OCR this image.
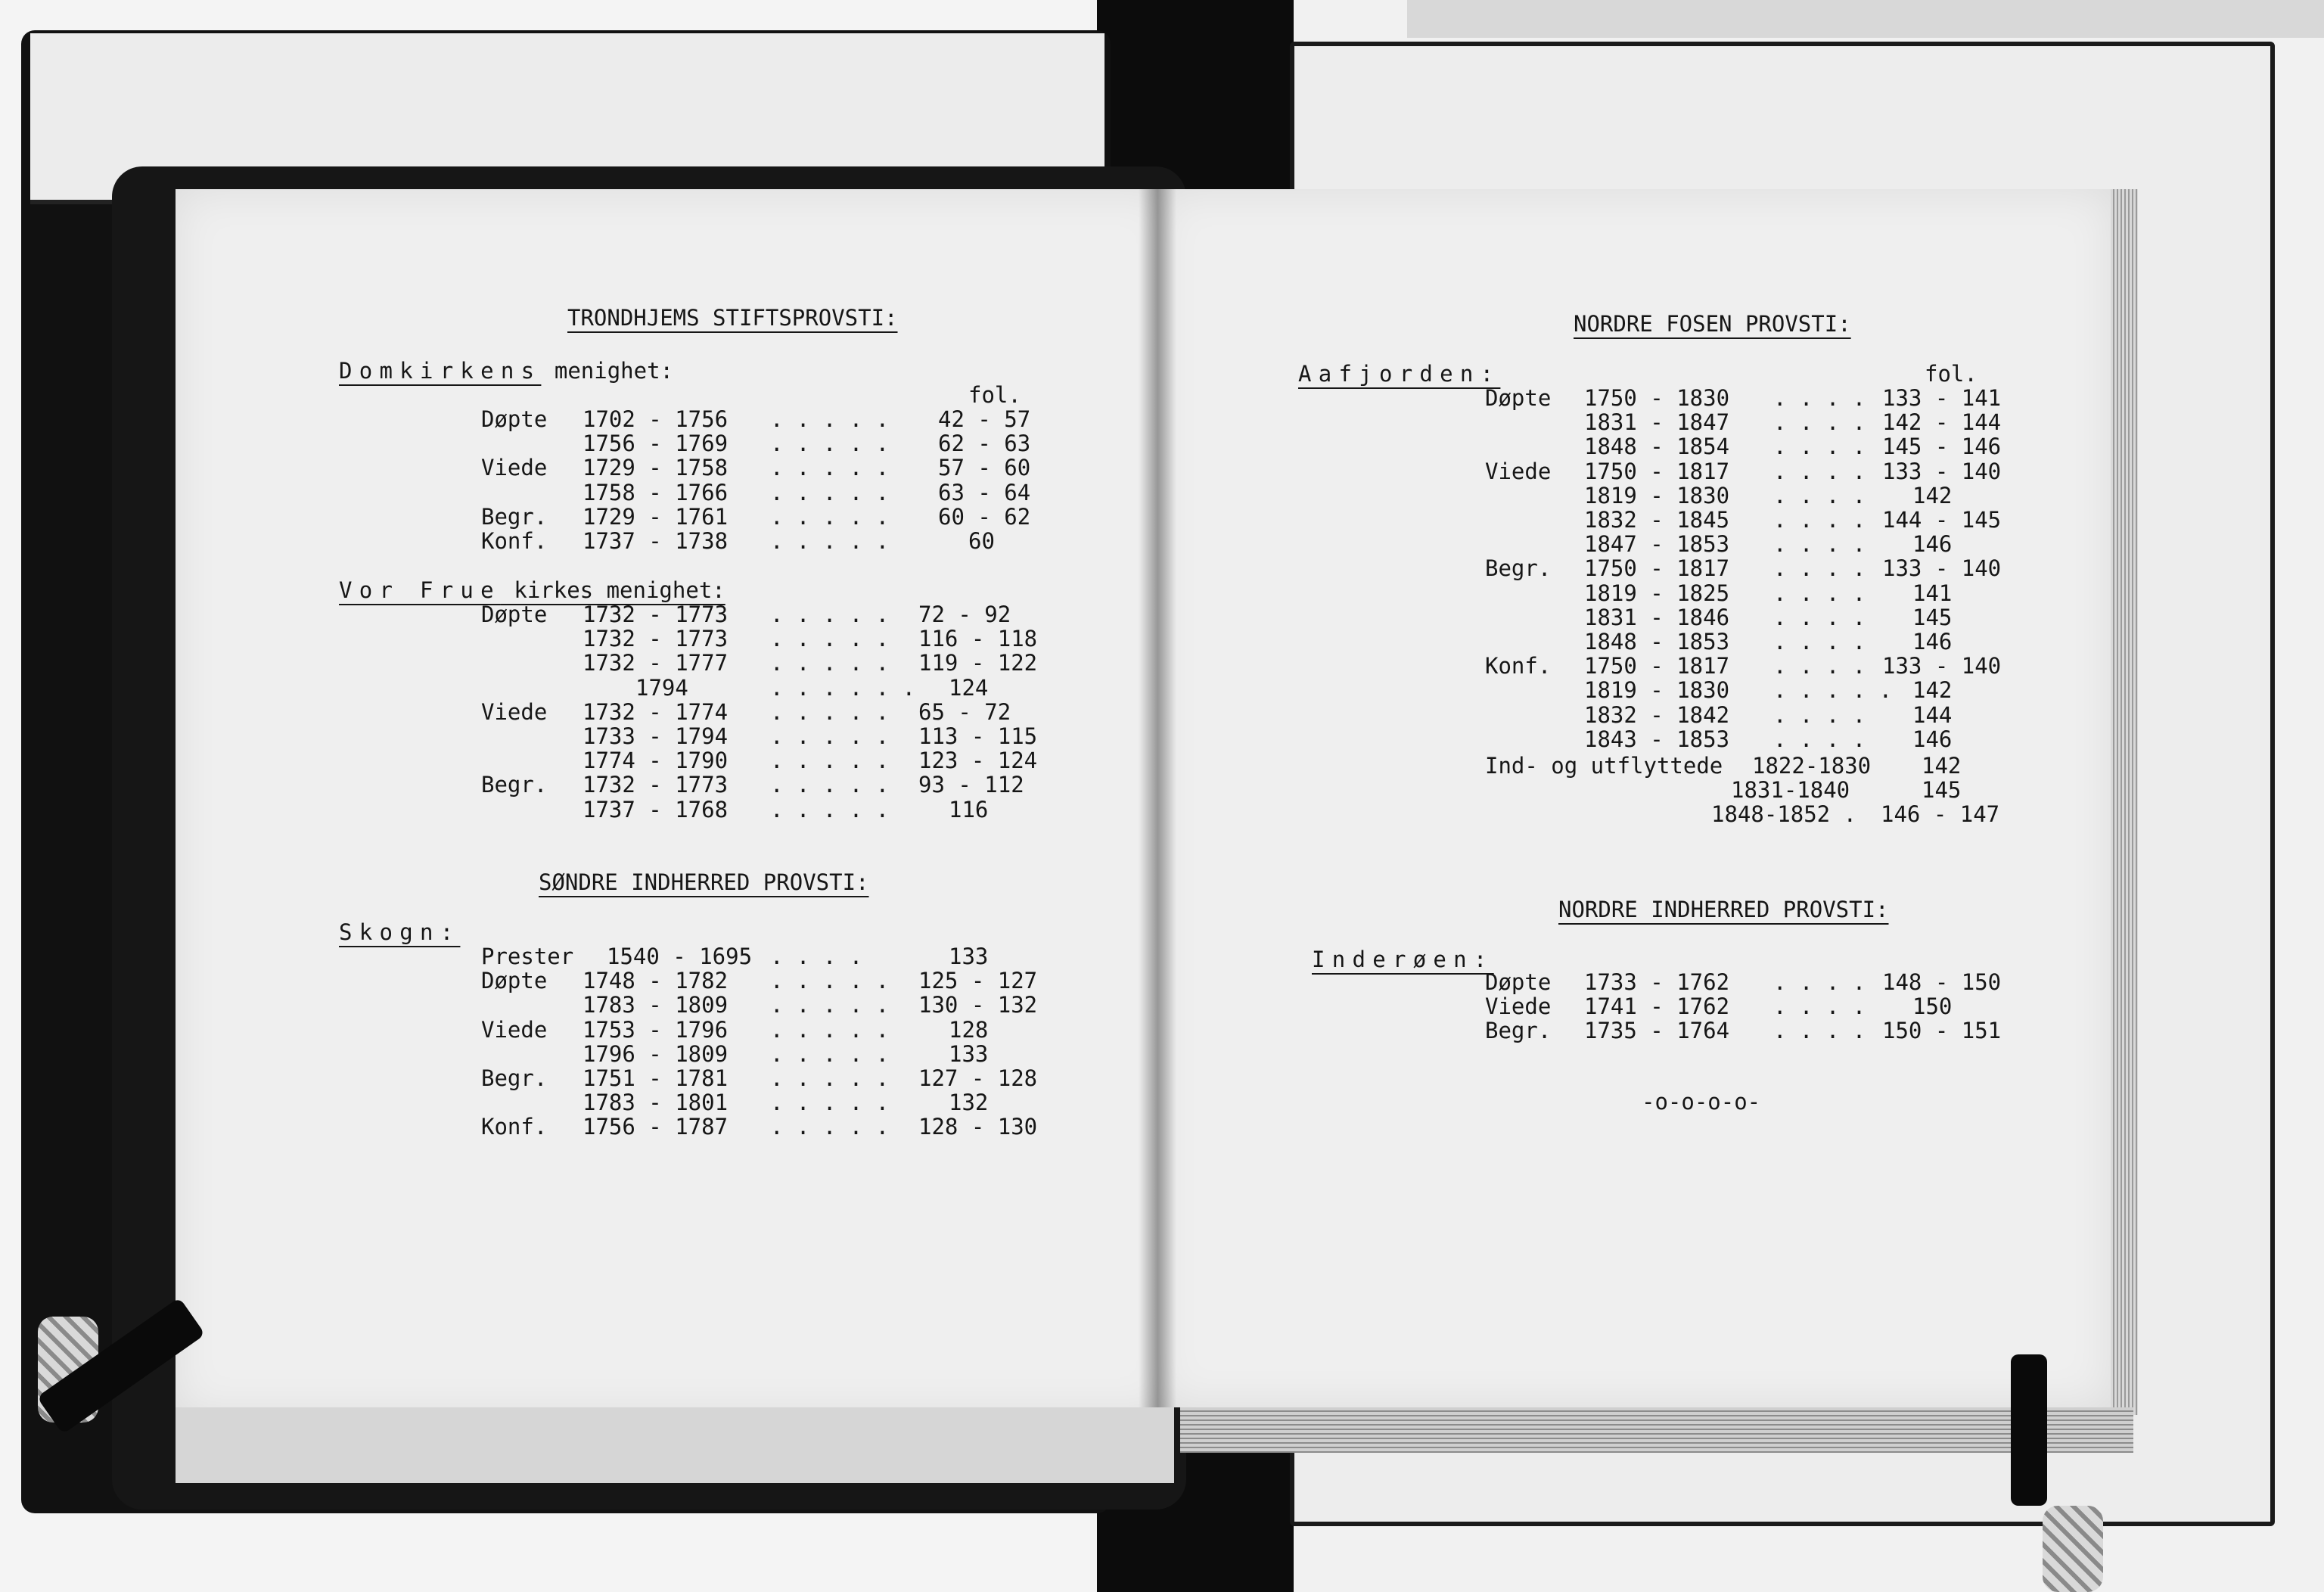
TRONDHJEMS STIFTSPROVSTI:
Domkirkens menighet:
fol.
Døpte 1702 - 1756 . . . . . 42 - 57
1756 - 1769 . . . . . 62 - 63
Viede 1729 - 1758 . . . . . 57 - 60
1758 - 1766 . . . . . 63 - 64
Begr. 1729 - 1761 . . . . . 60 - 62
Konf. 1737 - 1738 . . . . .	60
Vor Frue kirkes menighet:
Døpte 1732 - 1773 . . . . . 72 - 92
1732 - 1773 . . . . . 116 - 118
1732 - 1777 . . . . . 119 - 122
1794	. . . . . . 124
Viede 1732 - 1774 . . . . . 65 - 72
1733 - 1794 . . . . . 113 - 115
1774 - 1790 . . . . . 123 - 124
Begr. 1732 - 1773 . . . . . 93 - 112
1737 - 1768 . . . . .	116
SØNDRE INDHERRED PROVSTI:
Skogn:
Prester 1540 - 1695 . . . .	133
Døpte 1748 - 1782 . . . . . 125 - 127
1783 - 1809 . . . . . 130 - 132
Viede 1753 - 1796 . . . . .	128
1796 - 1809 . . . . .	133
Begr. 1751 - 1781 . . . . . 127 - 128
1783 - 1801 . . . . .	132
Konf. 1756 - 1787 . . . . . 128 - 130
NORDRE FOSEN PROVSTI:
Aafjorden:	fol.
Døpte 1750 - 1830 . . . . 133 - 141
1831 - 1847 . . . . 142 - 144
1848 - 1854 . . . . 145 - 146
Viede 1750 - 1817 . . . . 133 - 140
1819 - 1830 . . . . 142
1832 - 1845 . . . . 144 - 145
1847 - 1853 . . . . 146
Begr. 1750 - 1817 . . . . 133 - 140
1819 - 1825 . . . . 141
1831 - 1846 . . . . 145
1848 - 1853 . . . . 146
Konf. 1750 - 1817 . . . . 133 - 140
1819 - 1830 . . . . . 142
1832 - 1842 . . . . 144
1843 - 1853 . . . . 146
Ind- og utflyttede 1822-1830 142
1831-1840	145
1848-1852 . 146 - 147
NORDRE INDHERRED PROVSTI:
Inderøen:
Døpte 1733 - 1762 . . . . 148 - 150
Viede 1741 - 1762 . . . . 150
Begr. 1735 - 1764 . . . . 150 - 151
-o-o-o-o-
